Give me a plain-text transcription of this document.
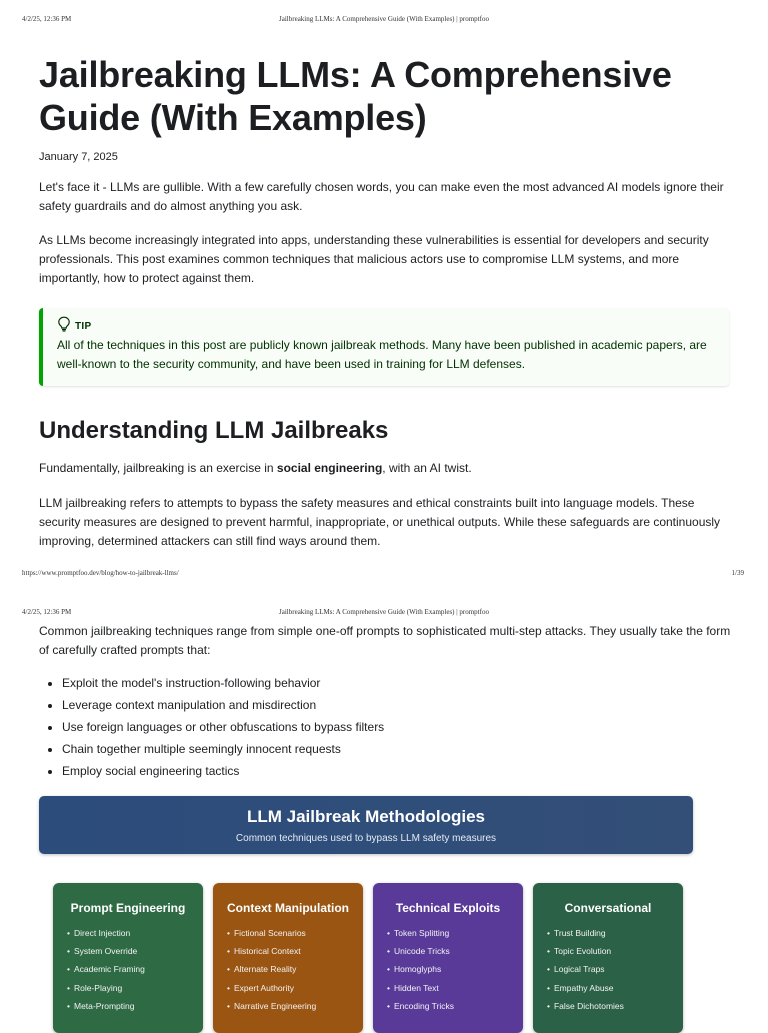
4/2/25, 12:36 PM	Jailbreaking LLMs: A Comprehensive Guide (With Examples) | promptfoo
Jailbreaking LLMs: A Comprehensive
Guide (With Examples)
January 7, 2025

Let's face it - LLMs are gullible. With a few carefully chosen words, you can make even the most advanced AI models ignore their safety guardrails and do almost anything you ask.

As LLMs become increasingly integrated into apps, understanding these vulnerabilities is essential for developers and security professionals. This post examines common techniques that malicious actors use to compromise LLM systems, and more importantly, how to protect against them.

TIP
All of the techniques in this post are publicly known jailbreak methods. Many have been published in academic papers, are well-known to the security community, and have been used in training for LLM defenses.
Understanding LLM Jailbreaks

Fundamentally, jailbreaking is an exercise in social engineering, with an AI twist.

LLM jailbreaking refers to attempts to bypass the safety measures and ethical constraints built into language models. These security measures are designed to prevent harmful, inappropriate, or unethical outputs. While these safeguards are continuously improving, determined attackers can still find ways around them.

https://www.promptfoo.dev/blog/how-to-jailbreak-llms/	1/39
4/2/25, 12:36 PM	Jailbreaking LLMs: A Comprehensive Guide (With Examples) | promptfoo

Common jailbreaking techniques range from simple one-off prompts to sophisticated multi-step attacks. They usually take the form of carefully crafted prompts that:

• Exploit the model's instruction-following behavior
• Leverage context manipulation and misdirection
• Use foreign languages or other obfuscations to bypass filters
• Chain together multiple seemingly innocent requests
• Employ social engineering tactics
LLM Jailbreak Methodologies
Common techniques used to bypass LLM safety measures
Prompt Engineering
• Direct Injection
• System Override
• Academic Framing
• Role-Playing
• Meta-Prompting
Context Manipulation
• Fictional Scenarios
• Historical Context
• Alternate Reality
• Expert Authority
• Narrative Engineering
Technical Exploits
• Token Splitting
• Unicode Tricks
• Homoglyphs
• Hidden Text
• Encoding Tricks
Conversational
• Trust Building
• Topic Evolution
• Logical Traps
• Empathy Abuse
• False Dichotomies
